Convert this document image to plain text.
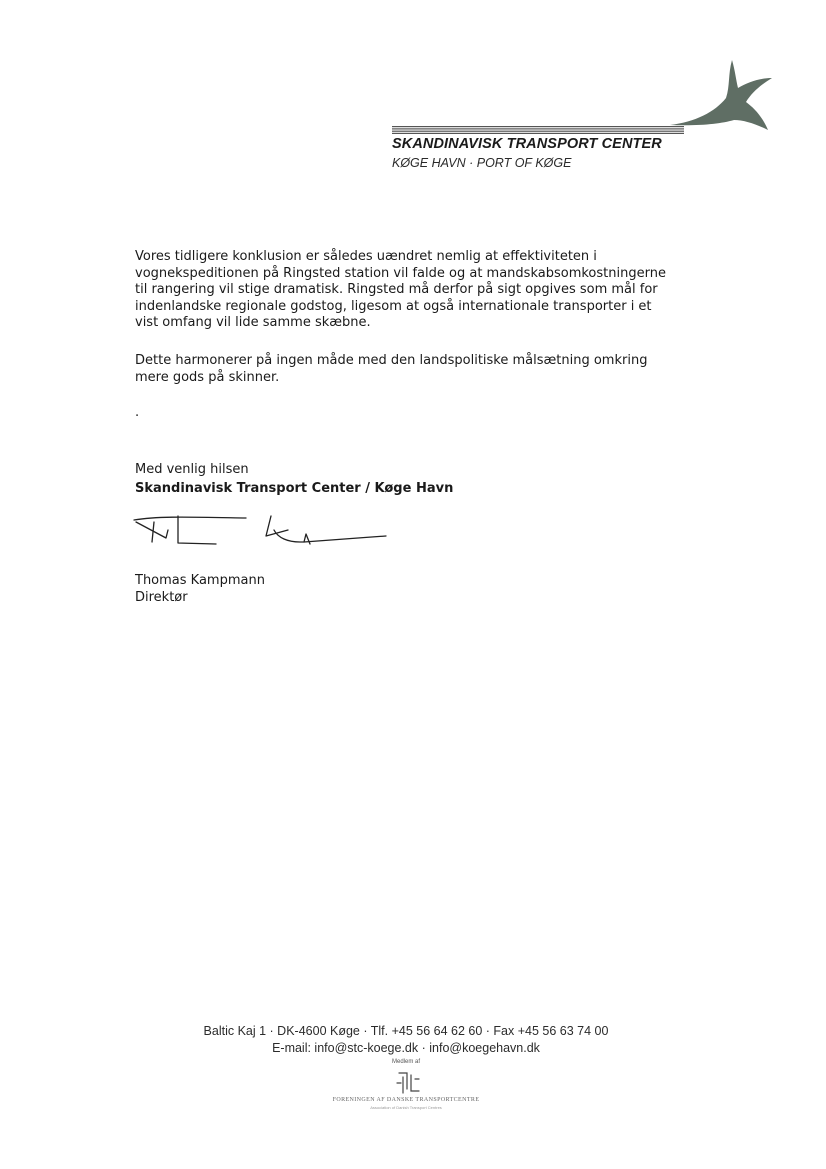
SKANDINAVISK TRANSPORT CENTER
KØGE HAVN · PORT OF KØGE
Vores tidligere konklusion er således uændret nemlig at effektiviteten i
vognekspeditionen på Ringsted station vil falde og at mandskabsomkostningerne
til rangering vil stige dramatisk. Ringsted må derfor på sigt opgives som mål for
indenlandske regionale godstog, ligesom at også internationale transporter i et
vist omfang vil lide samme skæbne.
Dette harmonerer på ingen måde med den landspolitiske målsætning omkring
mere gods på skinner.
.
Med venlig hilsen
Skandinavisk Transport Center / Køge Havn
Thomas Kampmann
Direktør
Baltic Kaj 1 · DK-4600 Køge · Tlf. +45 56 64 62 60 · Fax +45 56 63 74 00
E-mail: info@stc-koege.dk · info@koegehavn.dk
Medlem af
FORENINGEN AF DANSKE TRANSPORTCENTRE
Association of Danish Transport Centres
